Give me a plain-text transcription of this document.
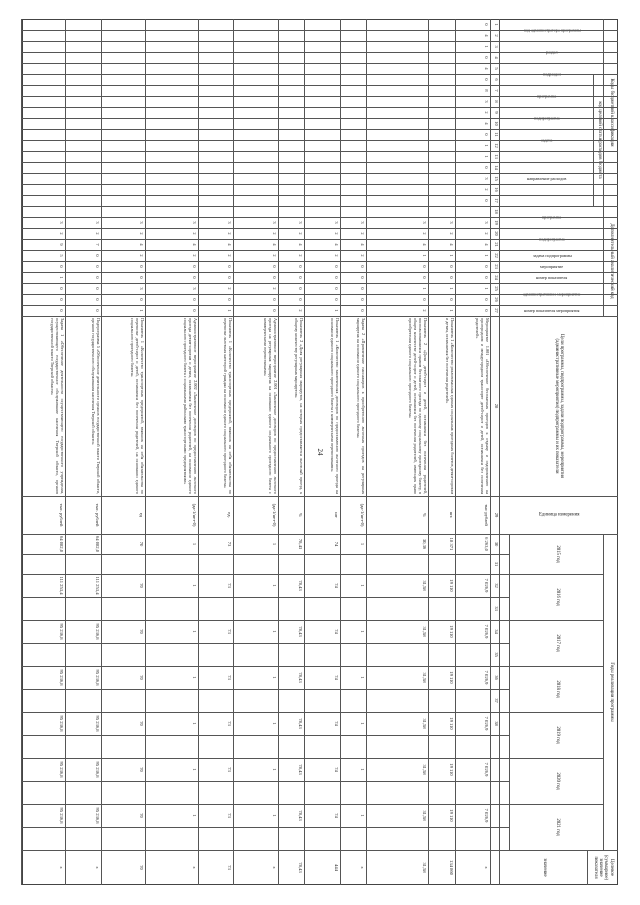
24
Коды бюджетной классификации
Дополнительный аналитический код
Годы реализации программы
Целевое (суммарное) значение показателя
код целевой статьи расходов бюджета
код администратора программы
раздел
подраздел
программа
подпрограмма
задача
направление расходов
программа
подпрограмма
задача подпрограммы
мероприятие
номер показателя
административное мероприятие
номер показателя мероприятия
Цели программы, подпрограммы, задачи подпрограммы, мероприятия (административные мероприятия) подпрограммы и их показатели
Единица измерения
2015 год
2016 год
2017 год
2018 год
2019 год
2020 год
2021 год
значение
1
2
3
4
5
6
7
8
9
10
11
12
13
14
15
16
17
18
19
20
21
22
23
24
25
26
27
28
29
30
31
32
33
34
35
36
37
38
0
4
1
0
4
0
8
3
2
4
0
1
1
0
3
2
0
3
2
4
1
0
0
1
0
0
Мероприятие 1.001 «Обеспечение бесплатных проездов к отдыху и оздоровлению на пригородном и междугородном транспорте детей-сирот и детей, оставшихся без попечения родителей»
тыс рублей
6 263,0
7 026,9
7 026,9
7 026,9
7 026,9
7 026,9
7 026,9
х
3
2
4
1
0
0
1
0
1
Показатель 1 «Количество реализованных единых социальных проездных билетов детям-сиротам и детям, оставшимся без попечения родителей»
шт.
18 371
19 110
19 110
19 110
19 110
19 110
19 110
134 860
3
2
4
1
0
0
1
0
2
Показатель 2 «Доля детей-сирот и детей, оставшихся без попечения родителей, воспользовавшихся правом бесплатного проезда по единому социальному проездному билету, в общем количестве детей-сирот и детей, оставшихся без попечения родителей, имеющих право приобретения единого социального проездного билета»
%
30,36
31,58
31,58
31,58
31,58
31,58
31,58
31,58
3
2
4
2
0
0
0
0
0
Задача 2 «Привлечение пассажиров к приобретению льготных проездов на регулярных маршрутах на основании единого социального проездного билета»
(да-1/нет-0)
1
1
1
1
1
1
1
х
3
2
4
2
0
0
0
0
1
Показатель 1 «Количество заключенных договоров по предоставлению льготного проезда на основании единого социального проездного билета с коммерческими перевозчиками»
шт
74
74
74
74
74
74
74
444
3
2
4
2
0
0
0
0
2
Показатель 2 «Доля регулярных маршрутов, на которых предоставляется льготный проезд, к общему количеству регулярных маршрутов»
%
78,43
78,43
78,43
78,43
78,43
78,43
78,43
78,43
3
2
4
2
0
0
2
0
0
Административное мероприятие 2.001 «Заключение договоров по предоставлению льготного проезда на регулярных маршрутах на основании единого социального проездного билета с коммерческими перевозчиками»
(да-1/нет-0)
1
1
1
1
1
1
1
х
3
2
4
2
0
0
2
0
1
Показатель 1 «Количество транспортных предприятий, взявших на себя обязательства по перевозке льготных категорий граждан на основании единого социального проездного билета»
ед.
73
73
73
73
73
73
73
73
3
2
4
2
0
0
3
0
0
Административное мероприятие 2.002 «Заключение договоров по предоставлению льготного проезда детям-сиротам и детям, оставшимся без попечения родителей, на основании единого социального проездного билета с социальными районными транспортными предприятиями»
(да-1/нет-0)
1
1
1
1
1
1
1
х
3
2
4
2
0
0
3
0
1
Показатель 1 «Количество транспортных предприятий, взявших на себя обязательства по перевозке детей-сирот и детей, оставшихся без попечения родителей, на основании единого социального проездного билета»
ед
70
70
70
70
70
70
70
70
3
2
7
0
0
0
0
0
0
Подпрограмма 5 «Обеспечение деятельности органов государственной власти Тверской области, органов государственного обслуживания населения Тверской области»
тыс. рублей
64 082,0
111 253,4
95 236,8
95 236,8
95 236,8
95 236,8
95 236,8
х
3
2
9
5
0
1
0
0
0
Задача 1 «Обеспечение деятельности осуществляющего государственного учреждения, осуществляющего государственное обслуживание населения Тверской области, органов государственной власти Тверской области»
тыс. рублей
64 082,0
111 253,4
95 236,8
95 236,8
95 236,8
95 236,8
95 236,8
х
